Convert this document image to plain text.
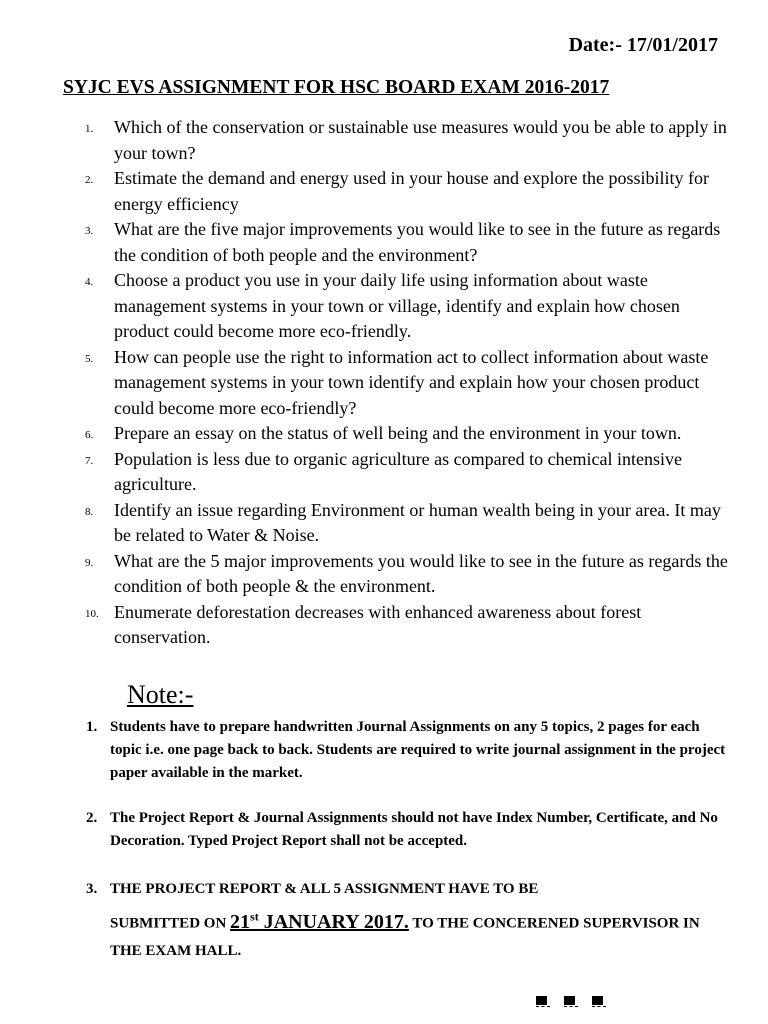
Date:- 17/01/2017
SYJC EVS ASSIGNMENT FOR HSC BOARD EXAM 2016-2017
1. Which of the conservation or sustainable use measures would you be able to apply in your town?
2. Estimate the demand and energy used in your house and explore the possibility for energy efficiency
3. What are the five major improvements you would like to see in the future as regards the condition of both people and the environment?
4. Choose a product you use in your daily life using information about waste management systems in your town or village, identify and explain how chosen product could become more eco-friendly.
5. How can people use the right to information act to collect information about waste management systems in your town identify and explain how your chosen product could become more eco-friendly?
6. Prepare an essay on the status of well being and the environment in your town.
7. Population is less due to organic agriculture as compared to chemical intensive agriculture.
8. Identify an issue regarding Environment or human wealth being in your area. It may be related to Water & Noise.
9. What are the 5 major improvements you would like to see in the future as regards the condition of both people & the environment.
10. Enumerate deforestation decreases with enhanced awareness about forest conservation.
Note:-
1. Students have to prepare handwritten Journal Assignments on any 5 topics, 2 pages for each topic i.e. one page back to back. Students are required to write journal assignment in the project paper available in the market.
2. The Project Report & Journal Assignments should not have Index Number, Certificate, and No Decoration. Typed Project Report shall not be accepted.
3. THE PROJECT REPORT & ALL 5 ASSIGNMENT HAVE TO BE
SUBMITTED ON 21st JANUARY 2017. TO THE CONCERENED SUPERVISOR IN THE EXAM HALL.
